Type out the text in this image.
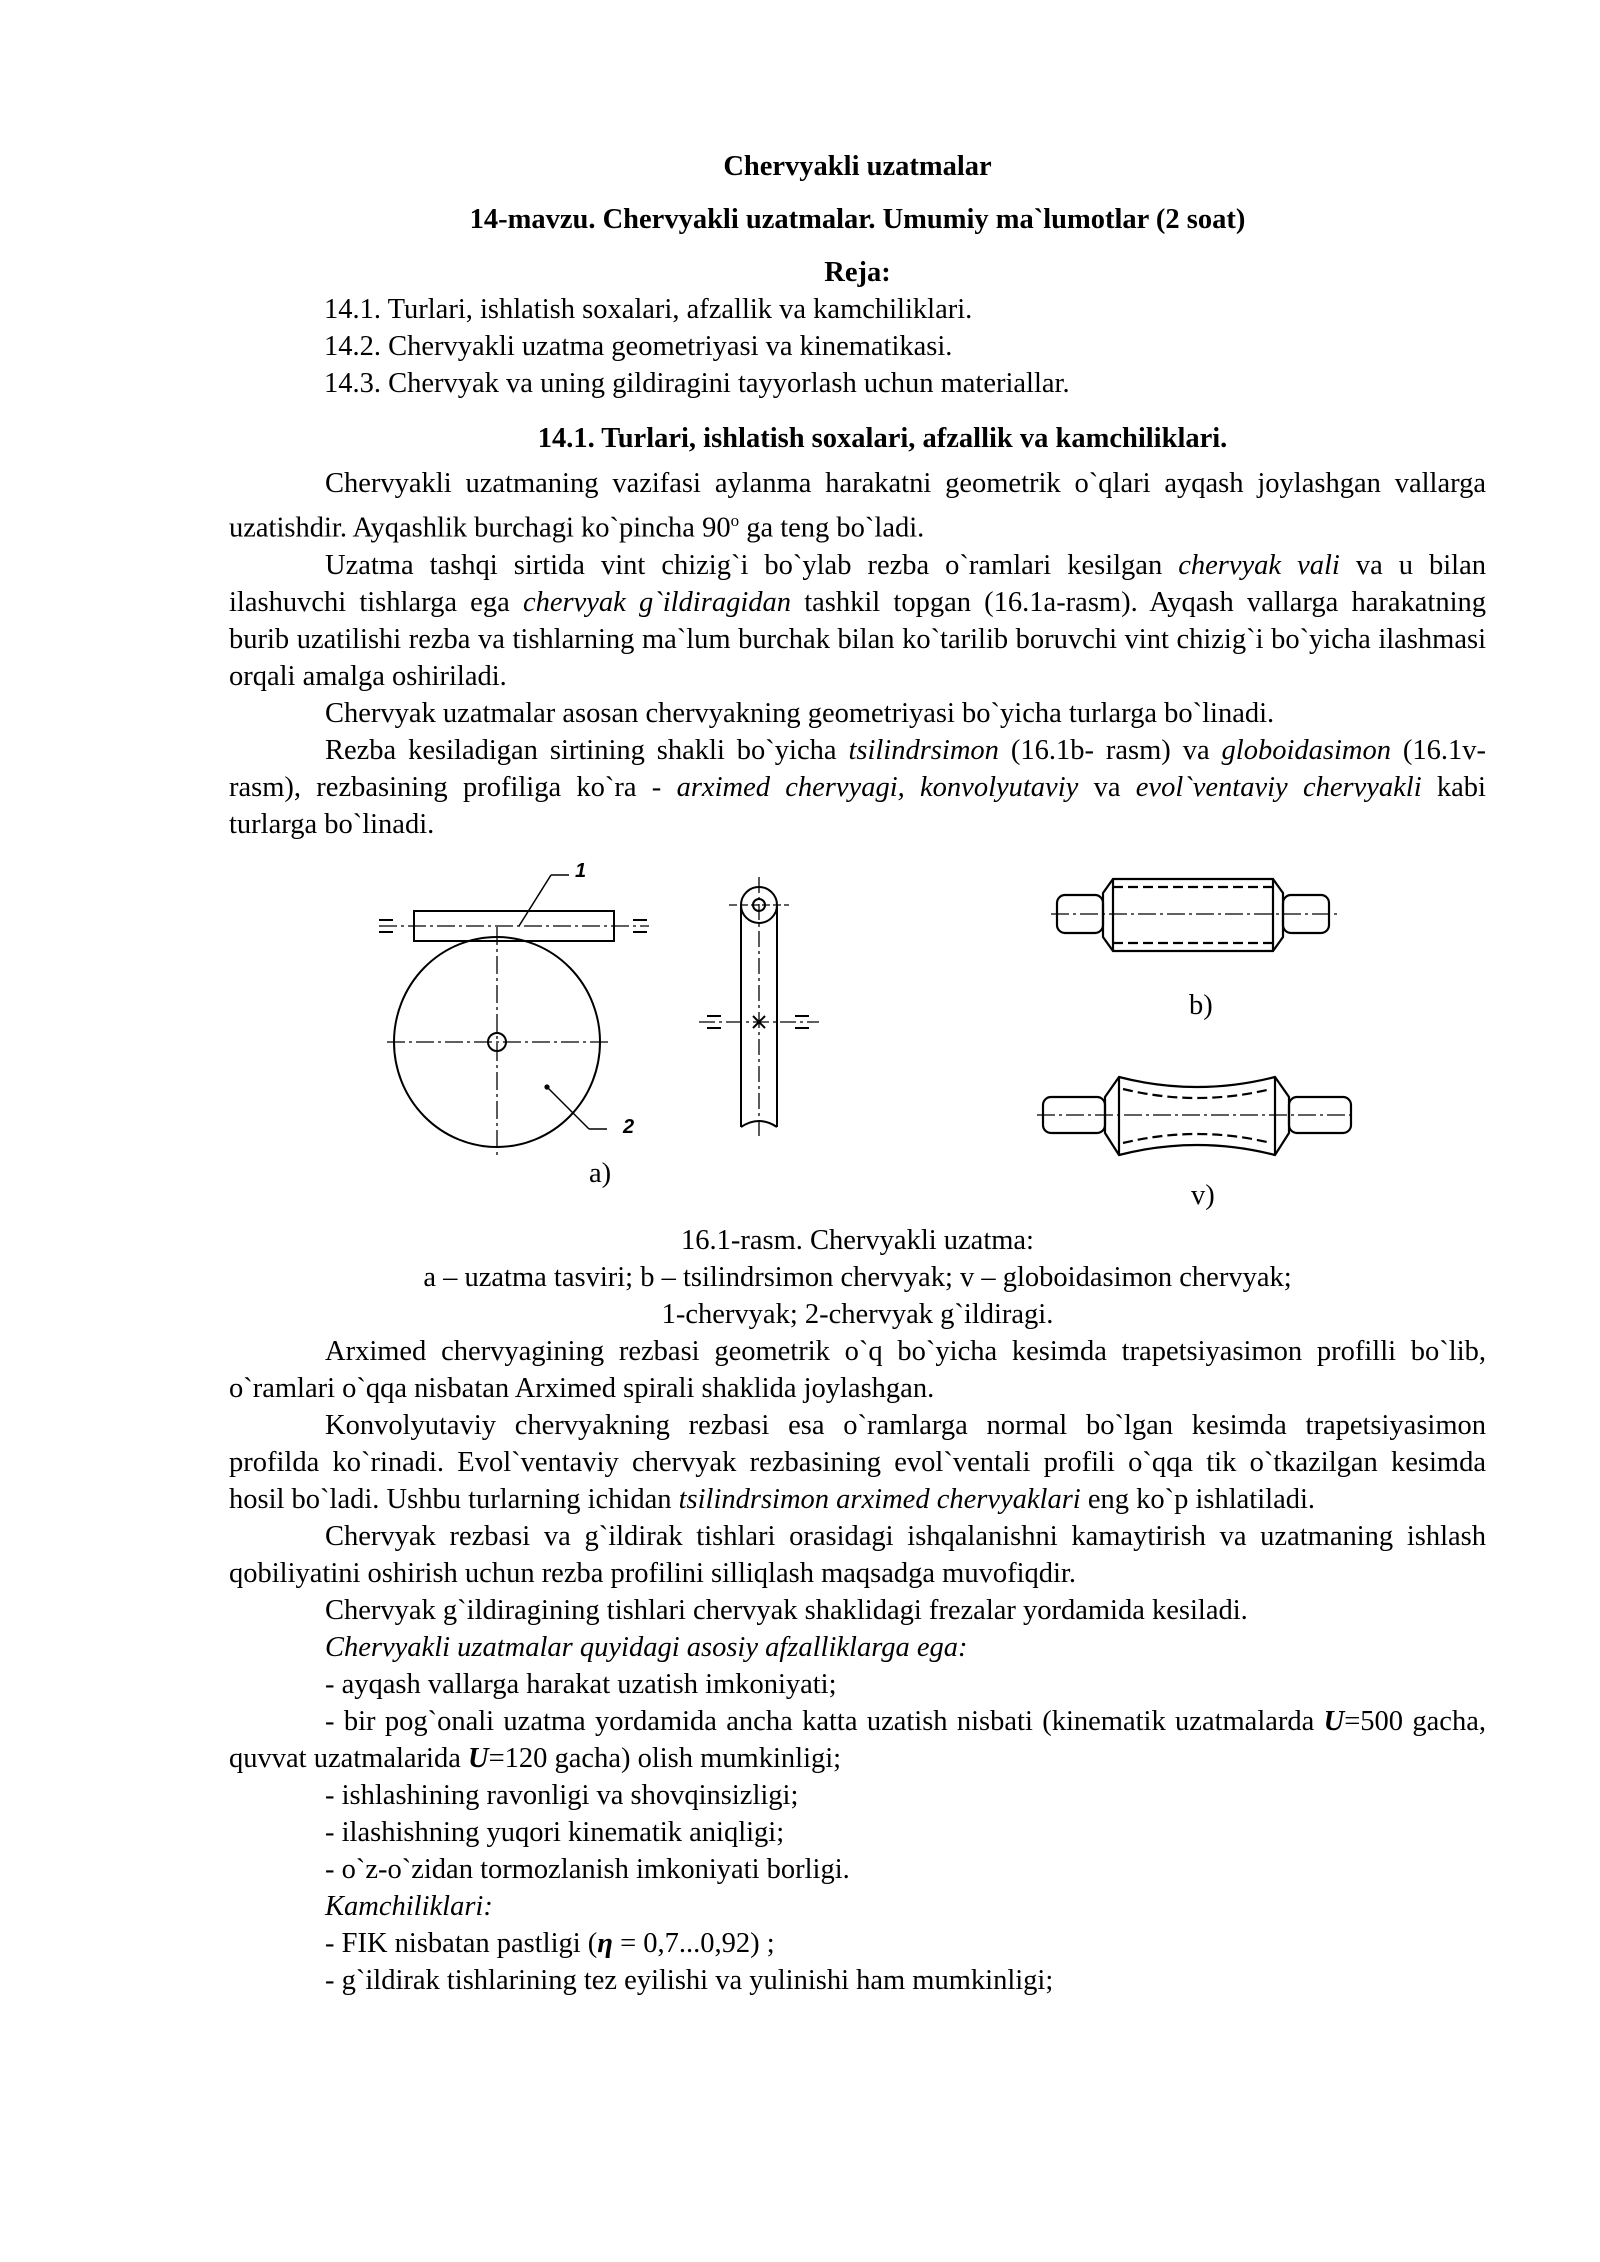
Chervyakli uzatmalar
14-mavzu. Chervyakli uzatmalar. Umumiy ma`lumotlar (2 soat)
Reja:
14.1. Turlari, ishlatish soxalari, afzallik va kamchiliklari.
14.2. Chervyakli uzatma geometriyasi va kinematikasi.
14.3. Chervyak va uning gildiragini tayyorlash uchun materiallar.
14.1. Turlari, ishlatish soxalari, afzallik va kamchiliklari.

Chervyakli uzatmaning vazifasi aylanma harakatni geometrik o`qlari ayqash joylashgan vallarga uzatishdir. Ayqashlik burchagi ko`pincha 90$^o$ ga teng bo`ladi.

Uzatma tashqi sirtida vint chizig`i bo`ylab rezba o`ramlari kesilgan chervyak vali va u bilan ilashuvchi tishlarga ega chervyak g`ildiragidan tashkil topgan (16.1a-rasm). Ayqash vallarga harakatning burib uzatilishi rezba va tishlarning ma`lum burchak bilan ko`tarilib boruvchi vint chizig`i bo`yicha ilashmasi orqali amalga oshiriladi.

Chervyak uzatmalar asosan chervyakning geometriyasi bo`yicha turlarga bo`linadi.

Rezba kesiladigan sirtining shakli bo`yicha tsilindrsimon (16.1b- rasm) va globoidasimon (16.1v-rasm), rezbasining profiliga ko`ra - arximed chervyagi, konvolyutaviy va evol`ventaviy chervyakli kabi turlarga bo`linadi.

1
2
a)
b)
v)
16.1-rasm. Chervyakli uzatma:
a – uzatma tasviri; b – tsilindrsimon chervyak; v – globoidasimon chervyak;
1-chervyak; 2-chervyak g`ildiragi.

Arximed chervyagining rezbasi geometrik o`q bo`yicha kesimda trapetsiyasimon profilli bo`lib, o`ramlari o`qqa nisbatan Arximed spirali shaklida joylashgan.

Konvolyutaviy chervyakning rezbasi esa o`ramlarga normal bo`lgan kesimda trapetsiyasimon profilda ko`rinadi. Evol`ventaviy chervyak rezbasining evol`ventali profili o`qqa tik o`tkazilgan kesimda hosil bo`ladi. Ushbu turlarning ichidan tsilindrsimon arximed chervyaklari eng ko`p ishlatiladi.

Chervyak rezbasi va g`ildirak tishlari orasidagi ishqalanishni kamaytirish va uzatmaning ishlash qobiliyatini oshirish uchun rezba profilini silliqlash maqsadga muvofiqdir.

Chervyak g`ildiragining tishlari chervyak shaklidagi frezalar yordamida kesiladi.

Chervyakli uzatmalar quyidagi asosiy afzalliklarga ega:
- ayqash vallarga harakat uzatish imkoniyati;

- bir pog`onali uzatma yordamida ancha katta uzatish nisbati (kinematik uzatmalarda U=500 gacha, quvvat uzatmalarida U=120 gacha) olish mumkinligi;

- ishlashining ravonligi va shovqinsizligi;
- ilashishning yuqori kinematik aniqligi;
- o`z-o`zidan tormozlanish imkoniyati borligi.
Kamchiliklari:
- FIK nisbatan pastligi (η = 0,7...0,92) ;
- g`ildirak tishlarining tez eyilishi va yulinishi ham mumkinligi;
